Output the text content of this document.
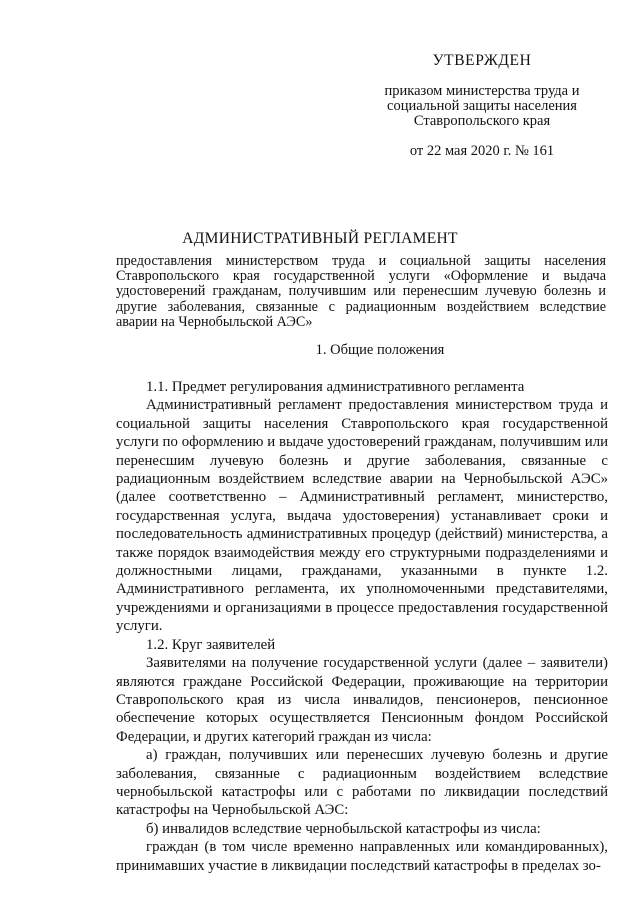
УТВЕРЖДЕН
приказом министерства труда и
социальной защиты населения
Ставропольского края
от 22 мая 2020 г. № 161
АДМИНИСТРАТИВНЫЙ РЕГЛАМЕНТ

предоставления министерством труда и социальной защиты населения Ставропольского края государственной услуги «Оформление и выдача удостоверений гражданам, получившим или перенесшим лучевую болезнь и другие заболевания, связанные с радиационным воздействием вследствие аварии на Чернобыльской АЭС»

1. Общие положения

1.1. Предмет регулирования административного регламента

Административный регламент предоставления министерством труда и социальной защиты населения Ставропольского края государственной услуги по оформлению и выдаче удостоверений гражданам, получившим или перенесшим лучевую болезнь и другие заболевания, связанные с радиационным воздействием вследствие аварии на Чернобыльской АЭС» (далее соответственно – Административный регламент, министерство, государственная услуга, выдача удостоверения) устанавливает сроки и последовательность административных процедур (действий) министерства, а также порядок взаимодействия между его структурными подразделениями и должностными лицами, гражданами, указанными в пункте 1.2. Административного регламента, их уполномоченными представителями, учреждениями и организациями в процессе предоставления государственной услуги.

1.2. Круг заявителей

Заявителями на получение государственной услуги (далее – заявители) являются граждане Российской Федерации, проживающие на территории Ставропольского края из числа инвалидов, пенсионеров, пенсионное обеспечение которых осуществляется Пенсионным фондом Российской Федерации, и других категорий граждан из числа:

а) граждан, получивших или перенесших лучевую болезнь и другие заболевания, связанные с радиационным воздействием вследствие чернобыльской катастрофы или с работами по ликвидации последствий катастрофы на Чернобыльской АЭС:

б) инвалидов вследствие чернобыльской катастрофы из числа:

граждан (в том числе временно направленных или командированных), принимавших участие в ликвидации последствий катастрофы в пределах зо-
